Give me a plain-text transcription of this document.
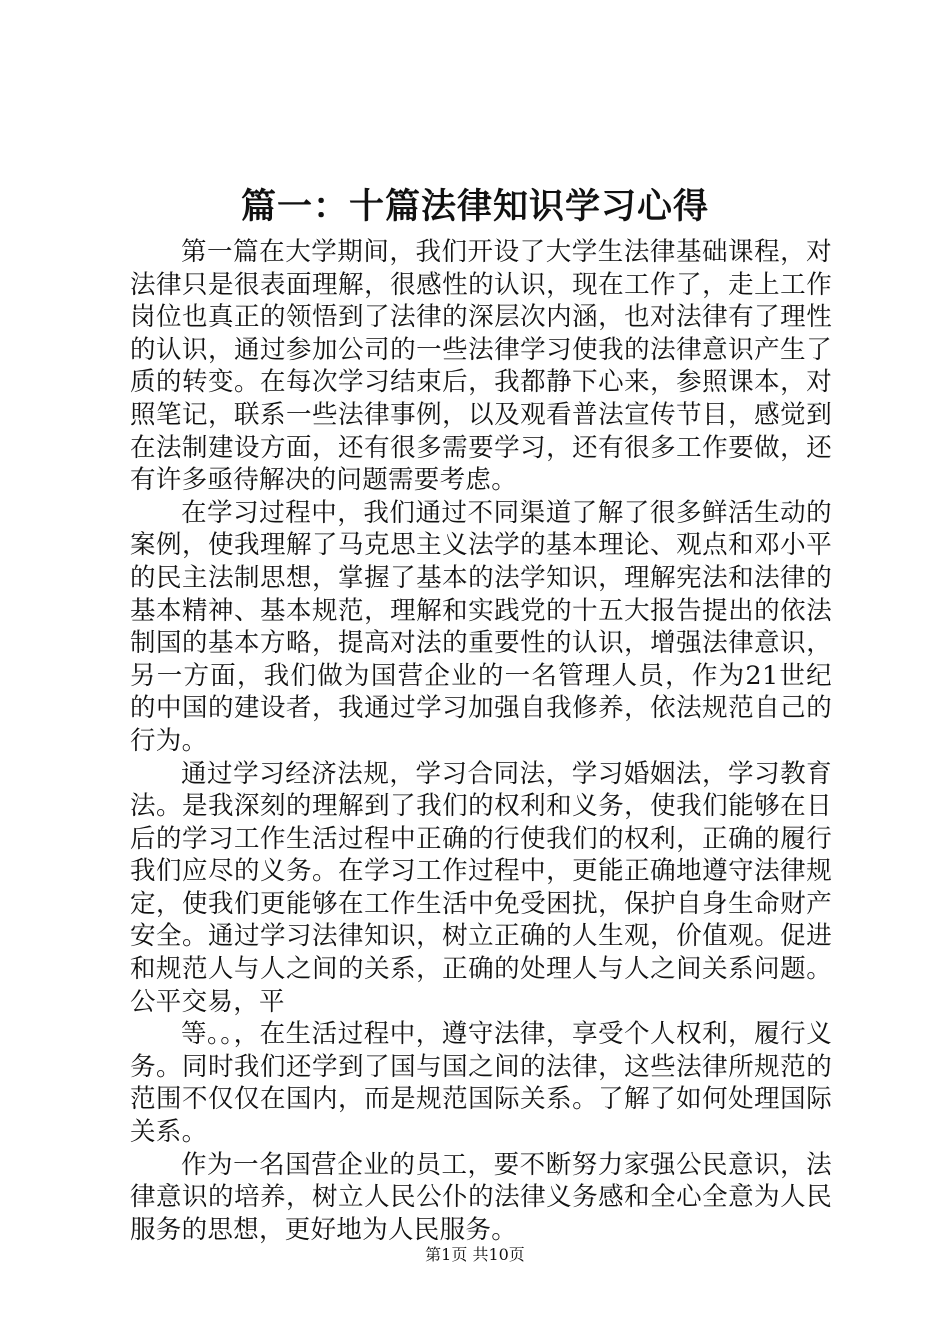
篇一：十篇法律知识学习心得

第一篇在大学期间，我们开设了大学生法律基础课程，对法律只是很表面理解，很感性的认识，现在工作了，走上工作岗位也真正的领悟到了法律的深层次内涵，也对法律有了理性的认识，通过参加公司的一些法律学习使我的法律意识产生了质的转变。在每次学习结束后，我都静下心来，参照课本，对照笔记，联系一些法律事例，以及观看普法宣传节目，感觉到在法制建设方面，还有很多需要学习，还有很多工作要做，还有许多亟待解决的问题需要考虑。

在学习过程中，我们通过不同渠道了解了很多鲜活生动的案例，使我理解了马克思主义法学的基本理论、观点和邓小平的民主法制思想，掌握了基本的法学知识，理解宪法和法律的基本精神、基本规范，理解和实践党的十五大报告提出的依法制国的基本方略，提高对法的重要性的认识，增强法律意识，另一方面，我们做为国营企业的一名管理人员，作为21世纪的中国的建设者，我通过学习加强自我修养，依法规范自己的行为。

通过学习经济法规，学习合同法，学习婚姻法，学习教育法。是我深刻的理解到了我们的权利和义务，使我们能够在日后的学习工作生活过程中正确的行使我们的权利，正确的履行我们应尽的义务。在学习工作过程中，更能正确地遵守法律规定，使我们更能够在工作生活中免受困扰，保护自身生命财产安全。通过学习法律知识，树立正确的人生观，价值观。促进和规范人与人之间的关系，正确的处理人与人之间关系问题。公平交易，平

等。。，在生活过程中，遵守法律，享受个人权利，履行义务。同时我们还学到了国与国之间的法律，这些法律所规范的范围不仅仅在国内，而是规范国际关系。了解了如何处理国际关系。

作为一名国营企业的员工，要不断努力家强公民意识，法律意识的培养，树立人民公仆的法律义务感和全心全意为人民服务的思想，更好地为人民服务。

第1页 共10页
